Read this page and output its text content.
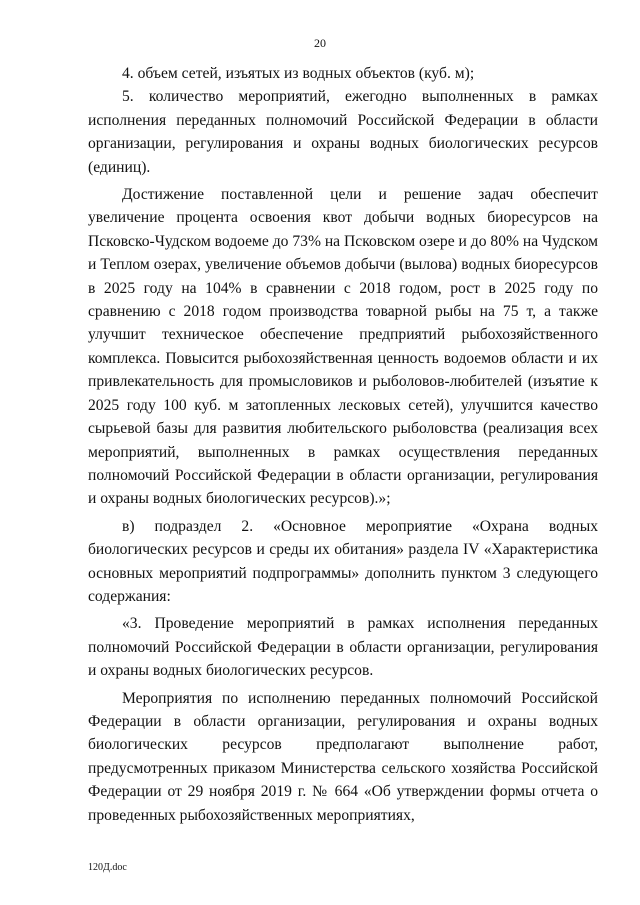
20

4. объем сетей, изъятых из водных объектов (куб. м);

5. количество мероприятий, ежегодно выполненных в рамках исполнения переданных полномочий Российской Федерации в области организации, регулирования и охраны водных биологических ресурсов (единиц).

Достижение поставленной цели и решение задач обеспечит увеличение процента освоения квот добычи водных биоресурсов на Псковско-Чудском водоеме до 73% на Псковском озере и до 80% на Чудском и Теплом озерах, увеличение объемов добычи (вылова) водных биоресурсов в 2025 году на 104% в сравнении с 2018 годом, рост в 2025 году по сравнению с 2018 годом производства товарной рыбы на 75 т, а также улучшит техническое обеспечение предприятий рыбохозяйственного комплекса. Повысится рыбохозяйственная ценность водоемов области и их привлекательность для промысловиков и рыболовов-любителей (изъятие к 2025 году 100 куб. м затопленных лесковых сетей), улучшится качество сырьевой базы для развития любительского рыболовства (реализация всех мероприятий, выполненных в рамках осуществления переданных полномочий Российской Федерации в области организации, регулирования и охраны водных биологических ресурсов).»;

в) подраздел 2. «Основное мероприятие «Охрана водных биологических ресурсов и среды их обитания» раздела IV «Характеристика основных мероприятий подпрограммы» дополнить пунктом 3 следующего содержания:

«3. Проведение мероприятий в рамках исполнения переданных полномочий Российской Федерации в области организации, регулирования и охраны водных биологических ресурсов.

Мероприятия по исполнению переданных полномочий Российской Федерации в области организации, регулирования и охраны водных биологических ресурсов предполагают выполнение работ, предусмотренных приказом Министерства сельского хозяйства Российской Федерации от 29 ноября 2019 г. № 664 «Об утверждении формы отчета о проведенных рыбохозяйственных мероприятиях,

120Д.doc
